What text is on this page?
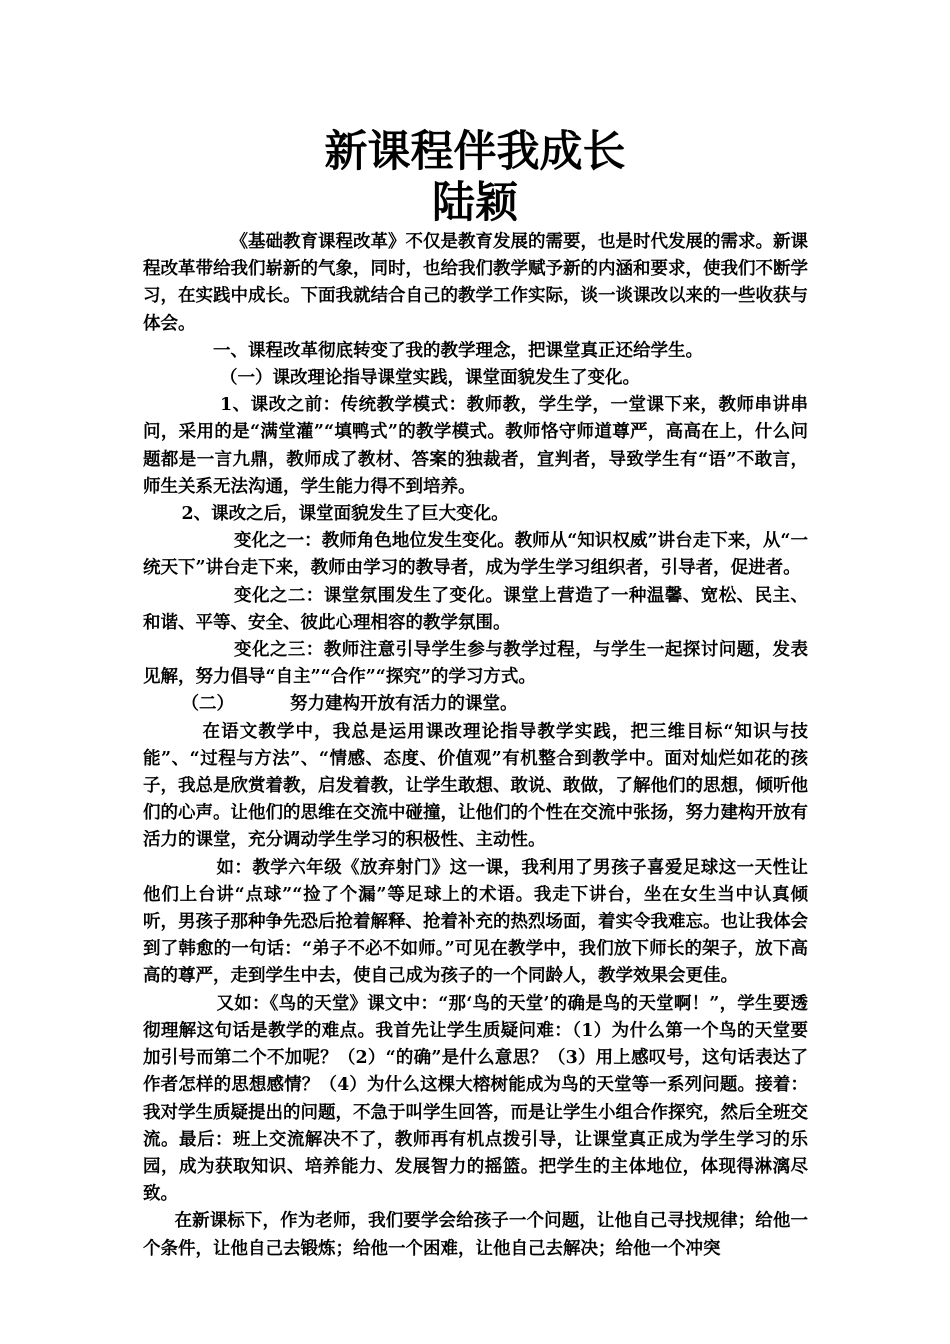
新课程伴我成长
陆颖

《基础教育课程改革》不仅是教育发展的需要，也是时代发展的需求。新课程改革带给我们崭新的气象，同时，也给我们教学赋予新的内涵和要求，使我们不断学习，在实践中成长。下面我就结合自己的教学工作实际，谈一谈课改以来的一些收获与体会。

一、课程改革彻底转变了我的教学理念，把课堂真正还给学生。

（一）课改理论指导课堂实践，课堂面貌发生了变化。

1、课改之前：传统教学模式：教师教，学生学，一堂课下来，教师串讲串问，采用的是“满堂灌”“填鸭式”的教学模式。教师恪守师道尊严，高高在上，什么问题都是一言九鼎，教师成了教材、答案的独裁者，宣判者，导致学生有“语”不敢言，师生关系无法沟通，学生能力得不到培养。

2、课改之后，课堂面貌发生了巨大变化。

变化之一：教师角色地位发生变化。教师从“知识权威”讲台走下来，从“一统天下”讲台走下来，教师由学习的教导者，成为学生学习组织者，引导者，促进者。

变化之二：课堂氛围发生了变化。课堂上营造了一种温馨、宽松、民主、和谐、平等、安全、彼此心理相容的教学氛围。

变化之三：教师注意引导学生参与教学过程，与学生一起探讨问题，发表见解，努力倡导“自主”“合作”“探究”的学习方式。

（二）	努力建构开放有活力的课堂。

在语文教学中，我总是运用课改理论指导教学实践，把三维目标“知识与技能”、“过程与方法”、“情感、态度、价值观”有机整合到教学中。面对灿烂如花的孩子，我总是欣赏着教，启发着教，让学生敢想、敢说、敢做，了解他们的思想，倾听他们的心声。让他们的思维在交流中碰撞，让他们的个性在交流中张扬，努力建构开放有活力的课堂，充分调动学生学习的积极性、主动性。

如：教学六年级《放弃射门》这一课，我利用了男孩子喜爱足球这一天性让他们上台讲“点球”“捡了个漏”等足球上的术语。我走下讲台，坐在女生当中认真倾听，男孩子那种争先恐后抢着解释、抢着补充的热烈场面，着实令我难忘。也让我体会到了韩愈的一句话：“弟子不必不如师。”可见在教学中，我们放下师长的架子，放下高高的尊严，走到学生中去，使自己成为孩子的一个同龄人，教学效果会更佳。

又如：《鸟的天堂》课文中：“那‘鸟的天堂’的确是鸟的天堂啊！”，学生要透彻理解这句话是教学的难点。我首先让学生质疑问难：（1）为什么第一个鸟的天堂要加引号而第二个不加呢？（2）“的确”是什么意思？（3）用上感叹号，这句话表达了作者怎样的思想感情？（4）为什么这棵大榕树能成为鸟的天堂等一系列问题。接着：我对学生质疑提出的问题，不急于叫学生回答，而是让学生小组合作探究，然后全班交流。最后：班上交流解决不了，教师再有机点拨引导，让课堂真正成为学生学习的乐园，成为获取知识、培养能力、发展智力的摇篮。把学生的主体地位，体现得淋漓尽致。

在新课标下，作为老师，我们要学会给孩子一个问题，让他自己寻找规律；给他一个条件，让他自己去锻炼；给他一个困难，让他自己去解决；给他一个冲突
